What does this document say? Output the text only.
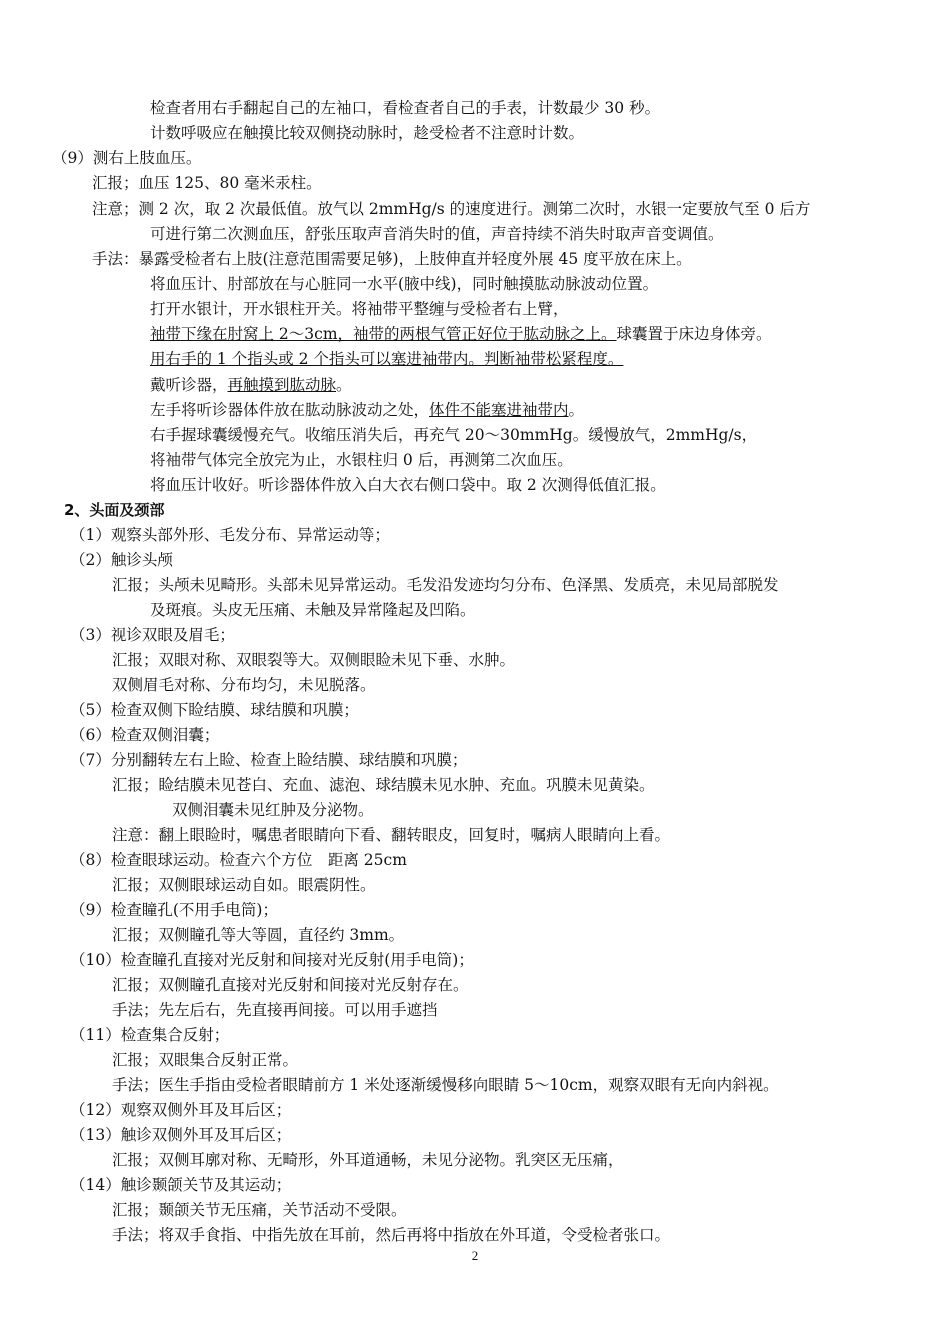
检查者用右手翻起自己的左袖口，看检查者自己的手表，计数最少 30 秒。
计数呼吸应在触摸比较双侧挠动脉时，趁受检者不注意时计数。
（9）测右上肢血压。
汇报；血压 125、80 毫米汞柱。
注意；测 2 次，取 2 次最低值。放气以 2mmHg/s 的速度进行。测第二次时，水银一定要放气至 0 后方
可进行第二次测血压，舒张压取声音消失时的值，声音持续不消失时取声音变调值。
手法：暴露受检者右上肢(注意范围需要足够)，上肢伸直并轻度外展 45 度平放在床上。
将血压计、肘部放在与心脏同一水平(腋中线)，同时触摸肱动脉波动位置。
打开水银计，开水银柱开关。将袖带平整缠与受检者右上臂，
袖带下缘在肘窝上 2～3cm，袖带的两根气管正好位于肱动脉之上。球囊置于床边身体旁。
用右手的 1 个指头或 2 个指头可以塞进袖带内。判断袖带松紧程度。
戴听诊器，再触摸到肱动脉。
左手将听诊器体件放在肱动脉波动之处，体件不能塞进袖带内。
右手握球囊缓慢充气。收缩压消失后，再充气 20～30mmHg。缓慢放气，2mmHg/s，
将袖带气体完全放完为止，水银柱归 0 后，再测第二次血压。
将血压计收好。听诊器体件放入白大衣右侧口袋中。取 2 次测得低值汇报。
2、头面及颈部
（1）观察头部外形、毛发分布、异常运动等；
（2）触诊头颅
汇报；头颅未见畸形。头部未见异常运动。毛发沿发迹均匀分布、色泽黑、发质亮，未见局部脱发
及斑痕。头皮无压痛、未触及异常隆起及凹陷。
（3）视诊双眼及眉毛；
汇报；双眼对称、双眼裂等大。双侧眼睑未见下垂、水肿。
双侧眉毛对称、分布均匀，未见脱落。
（5）检查双侧下睑结膜、球结膜和巩膜；
（6）检查双侧泪囊；
（7）分别翻转左右上睑、检查上睑结膜、球结膜和巩膜；
汇报；睑结膜未见苍白、充血、滤泡、球结膜未见水肿、充血。巩膜未见黄染。
双侧泪囊未见红肿及分泌物。
注意：翻上眼睑时，嘱患者眼睛向下看、翻转眼皮，回复时，嘱病人眼睛向上看。
（8）检查眼球运动。检查六个方位　距离 25cm
汇报；双侧眼球运动自如。眼震阴性。
（9）检查瞳孔(不用手电筒)；
汇报；双侧瞳孔等大等圆，直径约 3mm。
（10）检查瞳孔直接对光反射和间接对光反射(用手电筒)；
汇报；双侧瞳孔直接对光反射和间接对光反射存在。
手法；先左后右，先直接再间接。可以用手遮挡
（11）检查集合反射；
汇报；双眼集合反射正常。
手法；医生手指由受检者眼睛前方 1 米处逐渐缓慢移向眼睛 5～10cm，观察双眼有无向内斜视。
（12）观察双侧外耳及耳后区；
（13）触诊双侧外耳及耳后区；
汇报；双侧耳廓对称、无畸形，外耳道通畅，未见分泌物。乳突区无压痛，
（14）触诊颞颌关节及其运动；
汇报；颞颌关节无压痛，关节活动不受限。
手法；将双手食指、中指先放在耳前，然后再将中指放在外耳道，令受检者张口。
2
